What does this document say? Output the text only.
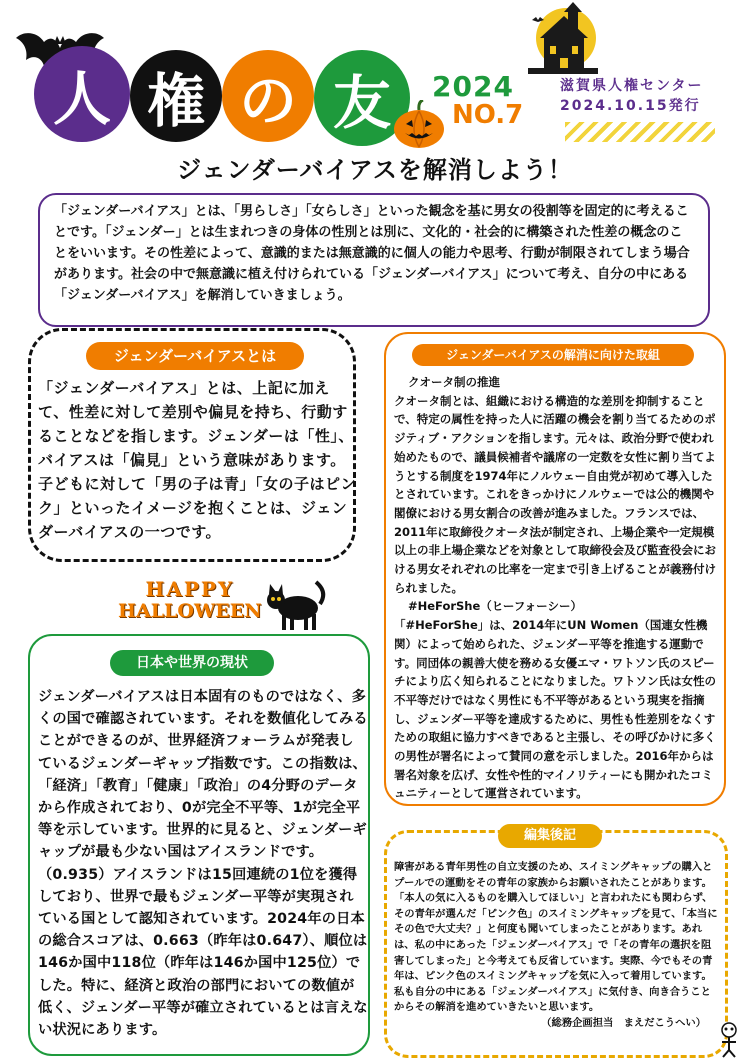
人 権 の 友 2024
NO.7
滋賀県人権センター
2024.10.15発行
ジェンダーバイアスを解消しよう！
「ジェンダーバイアス」とは、「男らしさ」「女らしさ」といった観念を基に男女の役割等を固定的に考えることです。「ジェンダー」とは生まれつきの身体の性別とは別に、文化的・社会的に構築された性差の概念のことをいいます。その性差によって、意識的または無意識的に個人の能力や思考、行動が制限されてしまう場合があります。社会の中で無意識に植え付けられている「ジェンダーバイアス」について考え、自分の中にある「ジェンダーバイアス」を解消していきましょう。
ジェンダーバイアスとは
「ジェンダーバイアス」とは、上記に加えて、性差に対して差別や偏見を持ち、行動することなどを指します。ジェンダーは「性」、バイアスは「偏見」という意味があります。子どもに対して「男の子は青」「女の子はピンク」といったイメージを抱くことは、ジェンダーバイアスの一つです。
HAPPY
HALLOWEEN
日本や世界の現状
ジェンダーバイアスは日本固有のものではなく、多くの国で確認されています。それを数値化してみることができるのが、世界経済フォーラムが発表しているジェンダーギャップ指数です。この指数は、「経済」「教育」「健康」「政治」の4分野のデータから作成されており、0が完全不平等、1が完全平等を示しています。世界的に見ると、ジェンダーギャップが最も少ない国はアイスランドです。（0.935）アイスランドは15回連続の1位を獲得しており、世界で最もジェンダー平等が実現されている国として認知されています。2024年の日本の総合スコアは、0.663（昨年は0.647）、順位は146か国中118位（昨年は146か国中125位）でした。特に、経済と政治の部門においての数値が低く、ジェンダー平等が確立されているとは言えない状況にあります。
ジェンダーバイアスの解消に向けた取組

クオータ制の推進

クオータ制とは、組織における構造的な差別を抑制することで、特定の属性を持った人に活躍の機会を割り当てるためのポジティブ・アクションを指します。元々は、政治分野で使われ始めたもので、議員候補者や議席の一定数を女性に割り当てようとする制度を1974年にノルウェー自由党が初めて導入したとされています。これをきっかけにノルウェーでは公的機関や閣僚における男女割合の改善が進みました。フランスでは、2011年に取締役クオータ法が制定され、上場企業や一定規模以上の非上場企業などを対象として取締役会及び監査役会における男女それぞれの比率を一定まで引き上げることが義務付けられました。

#HeForShe（ヒーフォーシー）

「#HeForShe」は、2014年にUN Women（国連女性機関）によって始められた、ジェンダー平等を推進する運動です。同団体の親善大使を務める女優エマ・ワトソン氏のスピーチにより広く知られることになりました。ワトソン氏は女性の不平等だけではなく男性にも不平等があるという現実を指摘し、ジェンダー平等を達成するために、男性も性差別をなくすための取組に協力すべきであると主張し、その呼びかけに多くの男性が署名によって賛同の意を示しました。2016年からは署名対象を広げ、女性や性的マイノリティーにも開かれたコミュニティーとして運営されています。

編集後記

障害がある青年男性の自立支援のため、スイミングキャップの購入とプールでの運動をその青年の家族からお願いされたことがあります。「本人の気に入るものを購入してほしい」と言われたにも関わらず、その青年が選んだ「ピンク色」のスイミングキャップを見て、「本当にその色で大丈夫？」と何度も聞いてしまったことがあります。あれは、私の中にあった「ジェンダーバイアス」で「その青年の選択を阻害してしまった」と今考えても反省しています。実際、今でもその青年は、ピンク色のスイミングキャップを気に入って着用しています。私も自分の中にある「ジェンダーバイアス」に気付き、向き合うことからその解消を進めていきたいと思います。

（総務企画担当　まえだこうへい）
